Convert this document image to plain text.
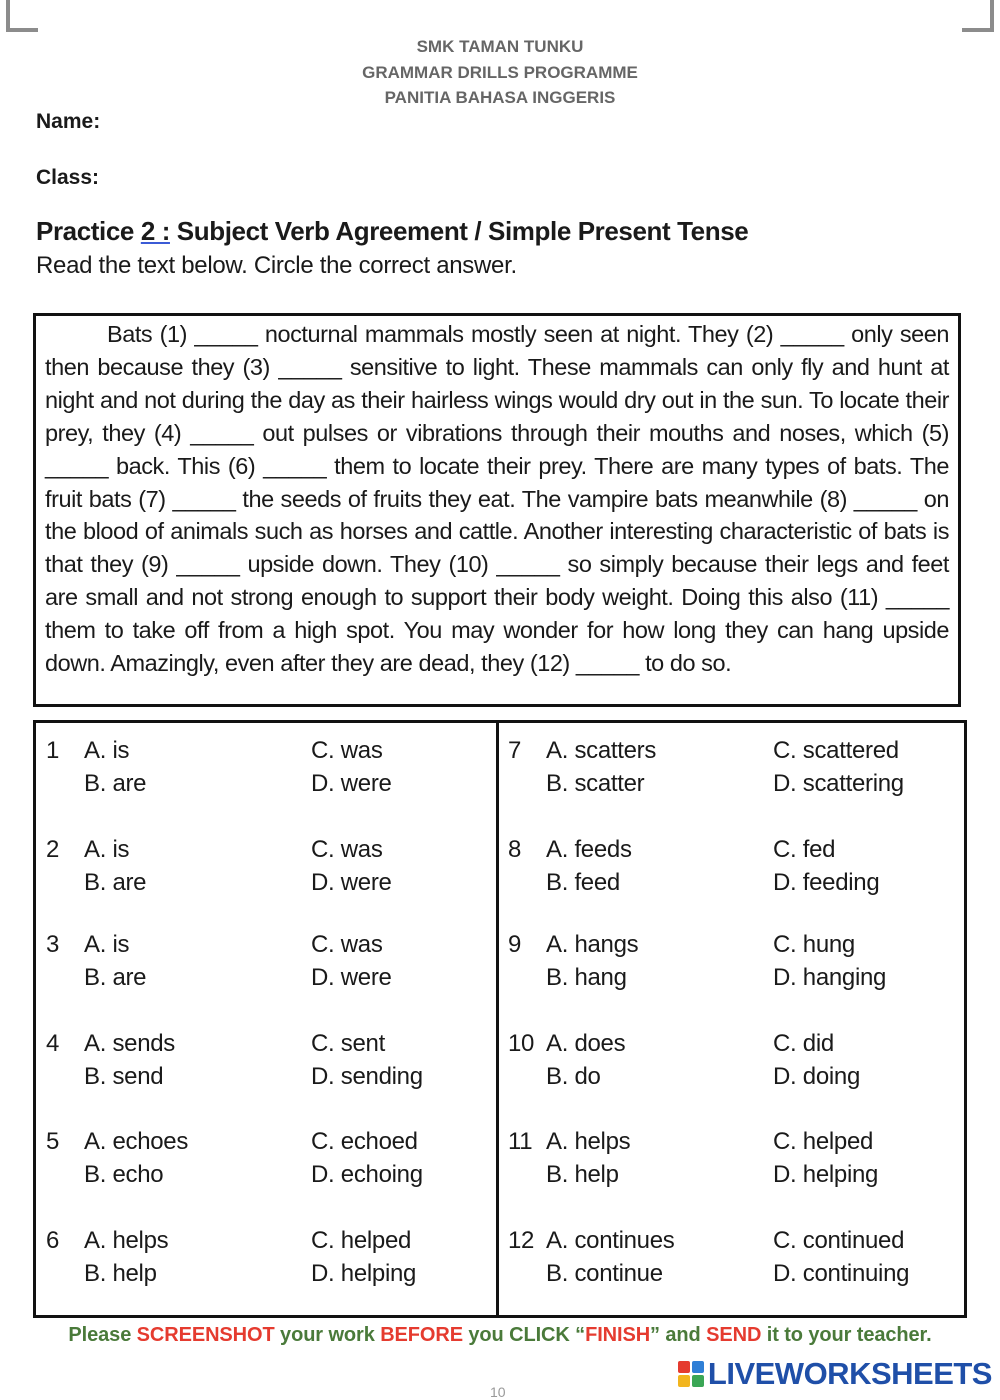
SMK TAMAN TUNKU
GRAMMAR DRILLS PROGRAMME
PANITIA BAHASA INGGERIS
Name:
Class:
Practice 2 : Subject Verb Agreement / Simple Present Tense
Read the text below. Circle the correct answer.

Bats (1) _____ nocturnal mammals mostly seen at night. They (2) _____ only seen then because they (3) _____ sensitive to light. These mammals can only fly and hunt at night and not during the day as their hairless wings would dry out in the sun. To locate their prey, they (4) _____ out pulses or vibrations through their mouths and noses, which (5) _____ back. This (6) _____ them to locate their prey. There are many types of bats. The fruit bats (7) _____ the seeds of fruits they eat. The vampire bats meanwhile (8) _____ on the blood of animals such as horses and cattle. Another interesting characteristic of bats is that they (9) _____ upside down. They (10) _____ so simply because their legs and feet are small and not strong enough to support their body weight. Doing this also (11) _____ them to take off from a high spot. You may wonder for how long they can hang upside down. Amazingly, even after they are dead, they (12) _____ to do so.

1 A. is
B. are
C. was
D. were
2 A. is
B. are
C. was
D. were
3 A. is
B. are
C. was
D. were
4 A. sends
B. send
C. sent
D. sending
5 A. echoes
B. echo
C. echoed
D. echoing
6 A. helps
B. help
C. helped
D. helping
7 A. scatters
B. scatter
C. scattered
D. scattering
8 A. feeds
B. feed
C. fed
D. feeding
9 A. hangs
B. hang
C. hung
D. hanging
10 A. does
B. do
C. did
D. doing
11 A. helps
B. help
C. helped
D. helping
12 A. continues
B. continue
C. continued
D. continuing
Please SCREENSHOT your work BEFORE you CLICK “FINISH” and SEND it to your teacher.
LIVEWORKSHEETS
10
